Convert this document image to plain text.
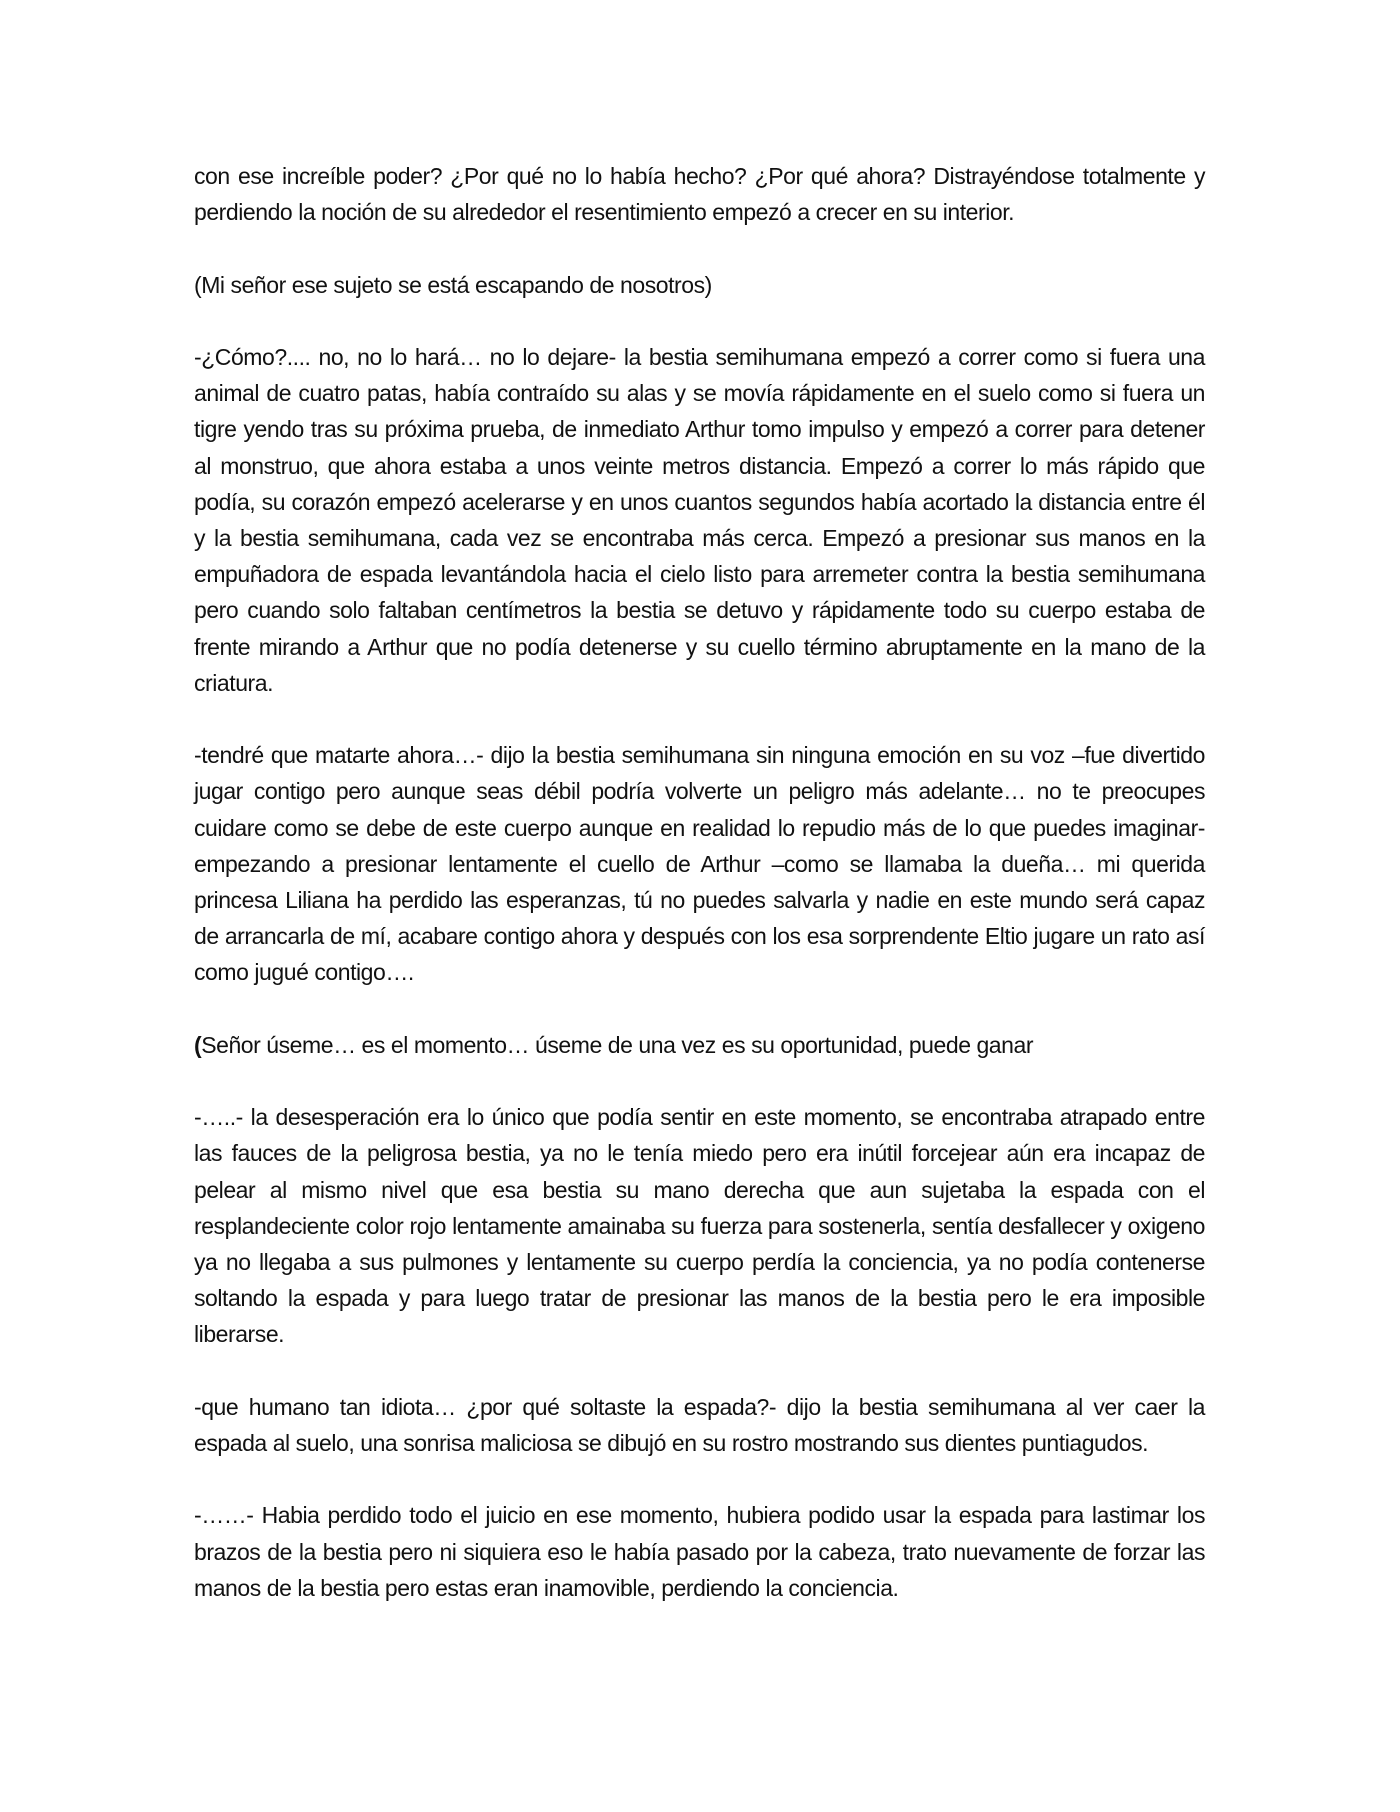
con ese increíble poder? ¿Por qué no lo había hecho? ¿Por qué ahora? Distrayéndose totalmente y perdiendo la noción de su alrededor el resentimiento empezó a crecer en su interior.

(Mi señor ese sujeto se está escapando de nosotros)

-¿Cómo?.... no, no lo hará… no lo dejare- la bestia semihumana empezó a correr como si fuera una animal de cuatro patas, había contraído su alas y se movía rápidamente en el suelo como si fuera un tigre yendo tras su próxima prueba, de inmediato Arthur tomo impulso y empezó a correr para detener al monstruo, que ahora estaba a unos veinte metros distancia. Empezó a correr lo más rápido que podía, su corazón empezó acelerarse y en unos cuantos segundos había acortado la distancia entre él y la bestia semihumana, cada vez se encontraba más cerca. Empezó a presionar sus manos en la empuñadora de espada levantándola hacia el cielo listo para arremeter contra la bestia semihumana pero cuando solo faltaban centímetros la bestia se detuvo y rápidamente todo su cuerpo estaba de frente mirando a Arthur que no podía detenerse y su cuello término abruptamente en la mano de la criatura.

-tendré que matarte ahora…- dijo la bestia semihumana sin ninguna emoción en su voz –fue divertido jugar contigo pero aunque seas débil podría volverte un peligro más adelante… no te preocupes cuidare como se debe de este cuerpo aunque en realidad lo repudio más de lo que puedes imaginar- empezando a presionar lentamente el cuello de Arthur –como se llamaba la dueña… mi querida princesa Liliana ha perdido las esperanzas, tú no puedes salvarla y nadie en este mundo será capaz de arrancarla de mí, acabare contigo ahora y después con los esa sorprendente Eltio jugare un rato así como jugué contigo….

(Señor úseme… es el momento… úseme de una vez es su oportunidad, puede ganar

-…..- la desesperación era lo único que podía sentir en este momento, se encontraba atrapado entre las fauces de la peligrosa bestia, ya no le tenía miedo pero era inútil forcejear aún era incapaz de pelear al mismo nivel que esa bestia su mano derecha que aun sujetaba la espada con el resplandeciente color rojo lentamente amainaba su fuerza para sostenerla, sentía desfallecer y oxigeno ya no llegaba a sus pulmones y lentamente su cuerpo perdía la conciencia, ya no podía contenerse soltando la espada y para luego tratar de presionar las manos de la bestia pero le era imposible liberarse.

-que humano tan idiota… ¿por qué soltaste la espada?- dijo la bestia semihumana al ver caer la espada al suelo, una sonrisa maliciosa se dibujó en su rostro mostrando sus dientes puntiagudos.

-……- Habia perdido todo el juicio en ese momento, hubiera podido usar la espada para lastimar los brazos de la bestia pero ni siquiera eso le había pasado por la cabeza, trato nuevamente de forzar las manos de la bestia pero estas eran inamovible, perdiendo la conciencia.
